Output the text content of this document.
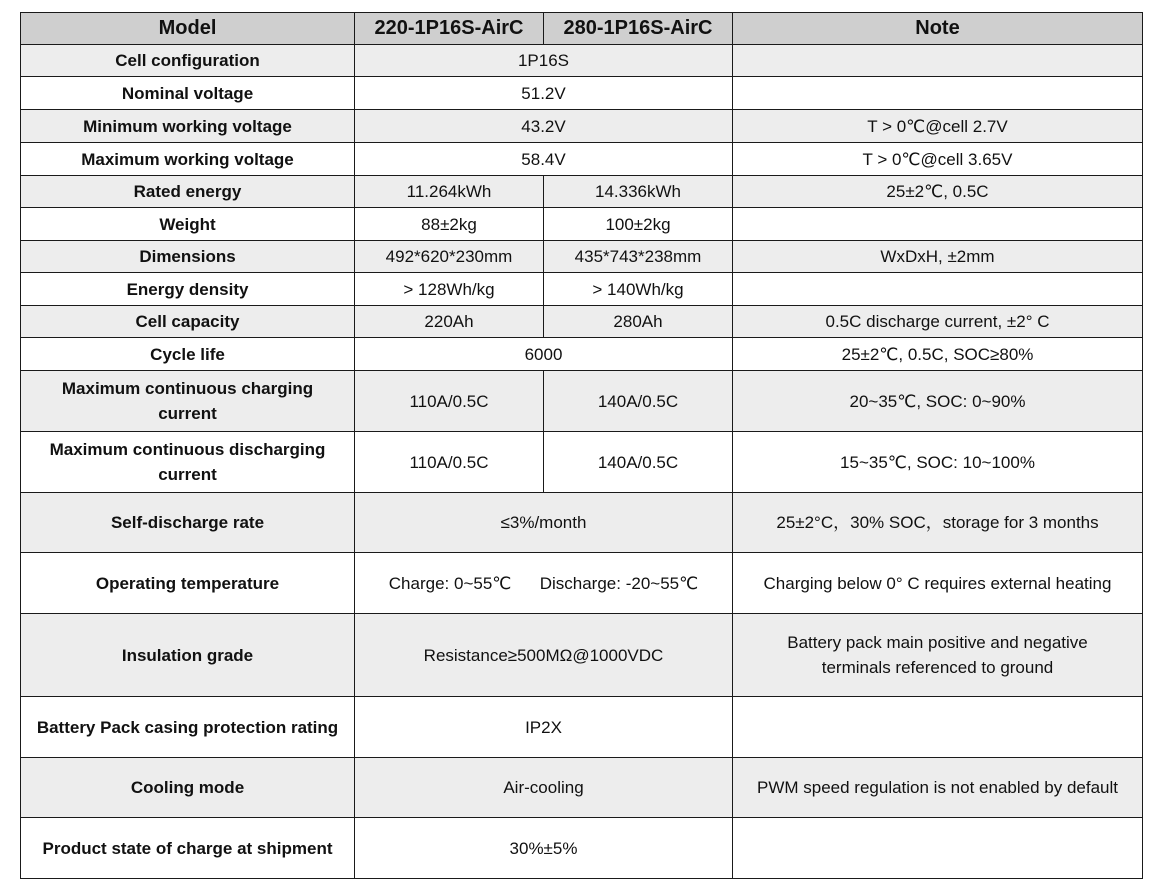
Model	220-1P16S-AirC	280-1P16S-AirC	Note
Cell configuration	1P16S		
Nominal voltage	51.2V		
Minimum working voltage	43.2V		T > 0℃@cell 2.7V
Maximum working voltage	58.4V		T > 0℃@cell 3.65V
Rated energy	11.264kWh	14.336kWh	25±2℃, 0.5C
Weight	88±2kg	100±2kg	
Dimensions	492*620*230mm	435*743*238mm	WxDxH, ±2mm
Energy density	> 128Wh/kg	> 140Wh/kg	
Cell capacity	220Ah	280Ah	0.5C discharge current, ±2° C
Cycle life	6000		25±2℃, 0.5C, SOC≥80%
Maximum continuous charging
current	110A/0.5C	140A/0.5C	20~35℃, SOC: 0~90%
Maximum continuous discharging
current	110A/0.5C	140A/0.5C	15~35℃, SOC: 10~100%
Self-discharge rate	≤3%/month		25±2°C，30% SOC，storage for 3 months
Operating temperature	Charge: 0~55℃ Discharge: -20~55℃		Charging below 0° C requires external heating
Insulation grade	Resistance≥500MΩ@1000VDC		Battery pack main positive and negative
terminals referenced to ground
Battery Pack casing protection rating	IP2X		
Cooling mode	Air-cooling		PWM speed regulation is not enabled by default
Product state of charge at shipment	30%±5%		
